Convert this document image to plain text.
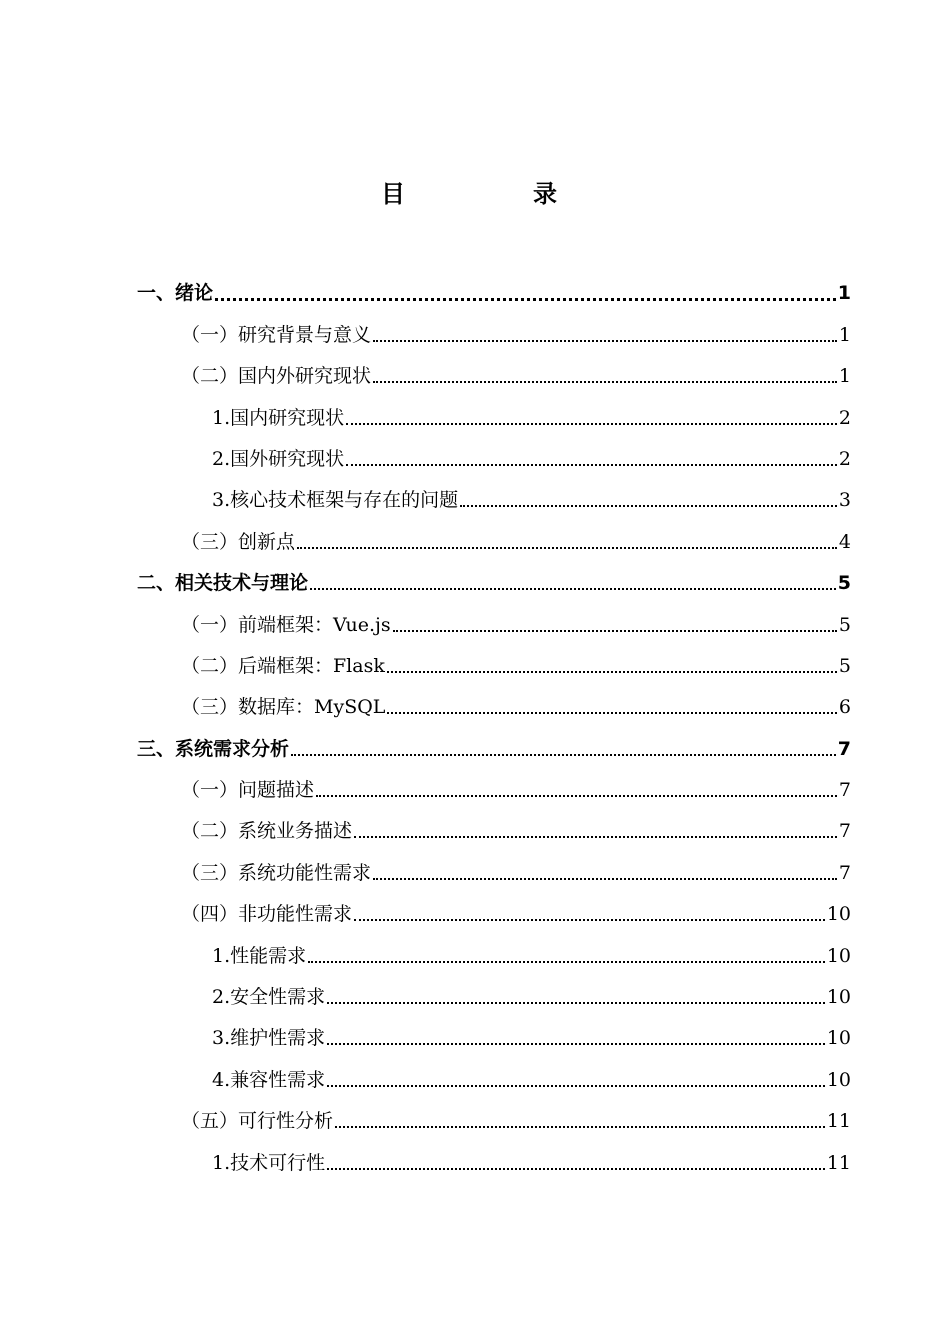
目　录
一、绪论	1
（一）研究背景与意义	1
（二）国内外研究现状	1
1.国内研究现状	2
2.国外研究现状	2
3.核心技术框架与存在的问题	3
（三）创新点	4
二、相关技术与理论	5
（一）前端框架：Vue.js	5
（二）后端框架：Flask	5
（三）数据库：MySQL	6
三、系统需求分析	7
（一）问题描述	7
（二）系统业务描述	7
（三）系统功能性需求	7
（四）非功能性需求	10
1.性能需求	10
2.安全性需求	10
3.维护性需求	10
4.兼容性需求	10
（五）可行性分析	11
1.技术可行性	11
